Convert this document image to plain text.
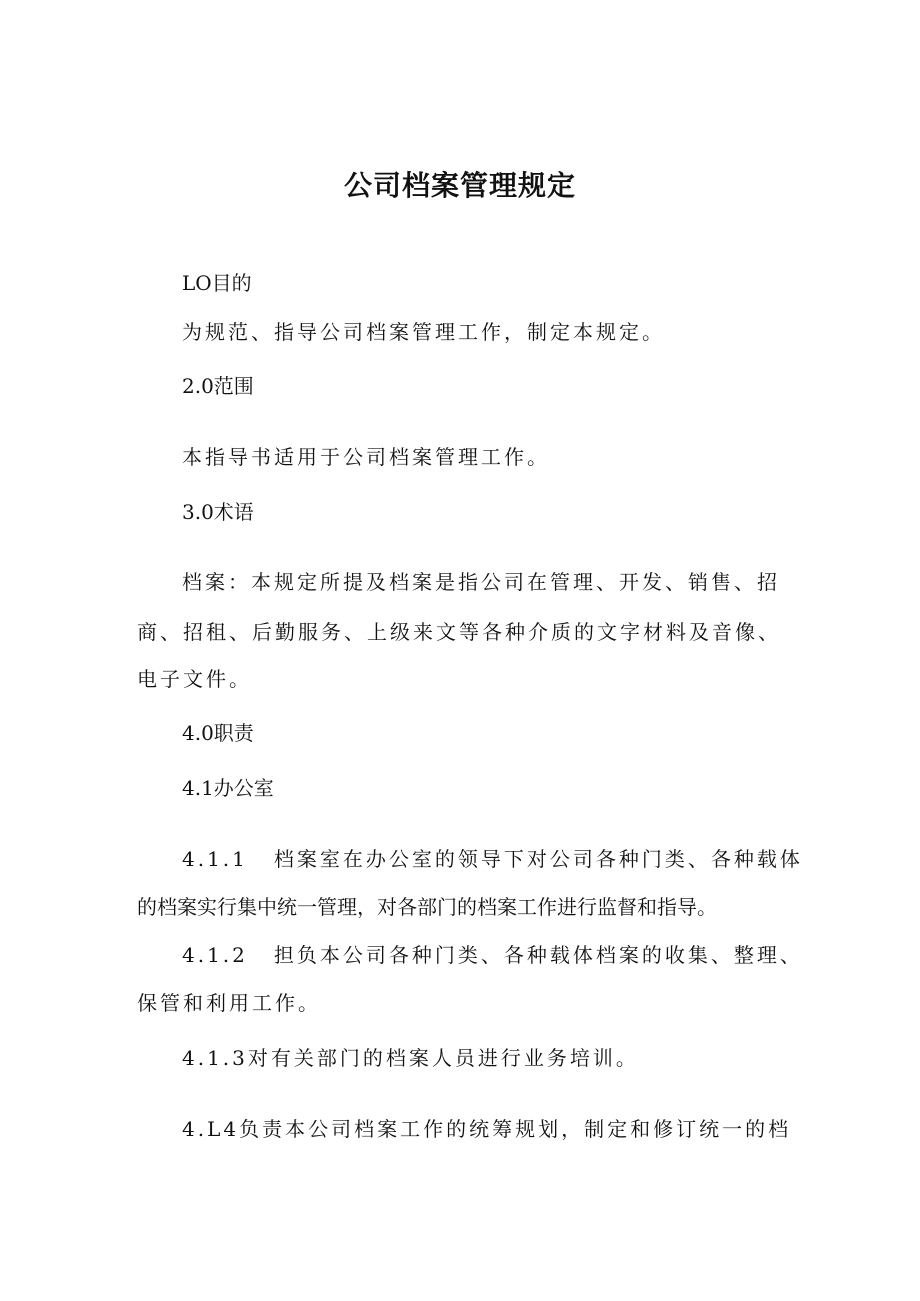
公司档案管理规定

LO目的

为规范、指导公司档案管理工作，制定本规定。

2.0范围

本指导书适用于公司档案管理工作。

3.0术语

档案：本规定所提及档案是指公司在管理、开发、销售、招

商、招租、后勤服务、上级来文等各种介质的文字材料及音像、

电子文件。

4.0职责

4.1办公室

4.1.1 档案室在办公室的领导下对公司各种门类、各种载体

的档案实行集中统一管理，对各部门的档案工作进行监督和指导。

4.1.2 担负本公司各种门类、各种载体档案的收集、整理、

保管和利用工作。

4.1.3对有关部门的档案人员进行业务培训。

4.L4负责本公司档案工作的统筹规划，制定和修订统一的档
